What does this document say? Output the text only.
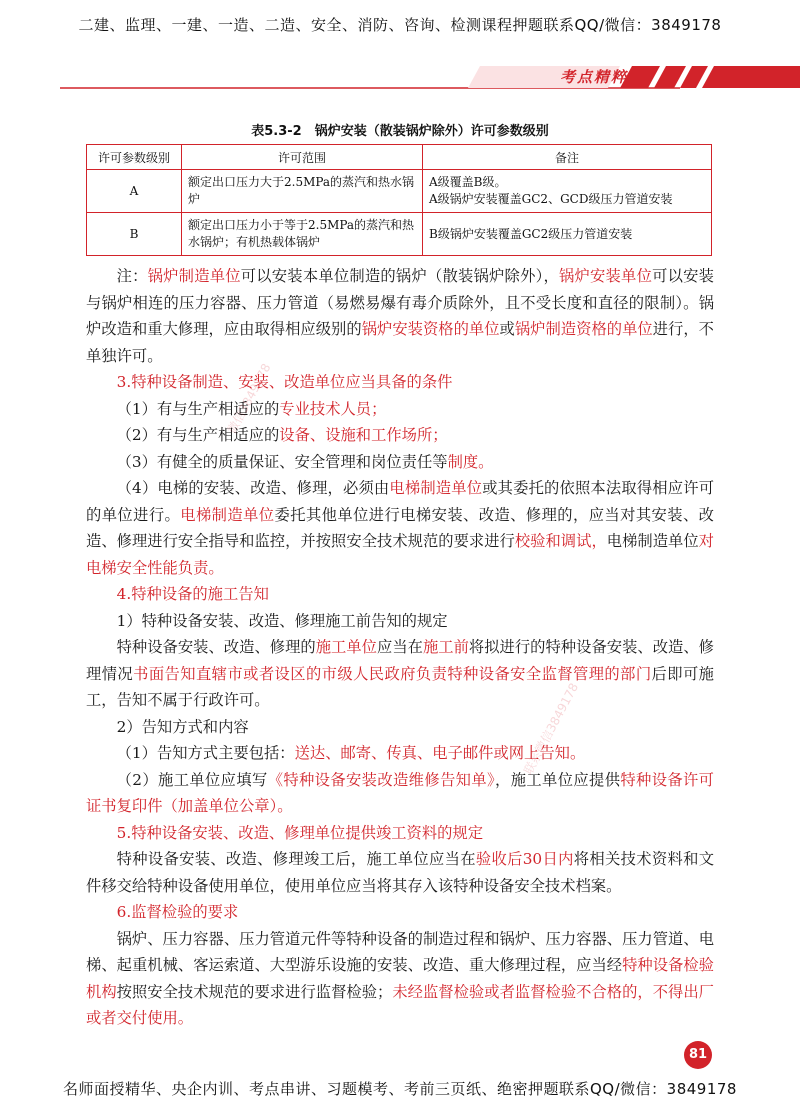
二建、监理、一建、一造、二造、安全、消防、咨询、检测课程押题联系QQ/微信：3849178
考点精粹
表5.3-2　锅炉安装（散装锅炉除外）许可参数级别
许可参数级别	许可范围	备注
A	额定出口压力大于2.5MPa的蒸汽和热水锅炉	A级覆盖B级。
A级锅炉安装覆盖GC2、GCD级压力管道安装

B	额定出口压力小于等于2.5MPa的蒸汽和热水锅炉；有机热载体锅炉	B级锅炉安装覆盖GC2级压力管道安装

注：锅炉制造单位可以安装本单位制造的锅炉（散装锅炉除外），锅炉安装单位可以安装与锅炉相连的压力容器、压力管道（易燃易爆有毒介质除外，且不受长度和直径的限制）。锅炉改造和重大修理，应由取得相应级别的锅炉安装资格的单位或锅炉制造资格的单位进行，不单独许可。

3.特种设备制造、安装、改造单位应当具备的条件

（1）有与生产相适应的专业技术人员；

（2）有与生产相适应的设备、设施和工作场所；

（3）有健全的质量保证、安全管理和岗位责任等制度。

（4）电梯的安装、改造、修理，必须由电梯制造单位或其委托的依照本法取得相应许可的单位进行。电梯制造单位委托其他单位进行电梯安装、改造、修理的，应当对其安装、改造、修理进行安全指导和监控，并按照安全技术规范的要求进行校验和调试，电梯制造单位对电梯安全性能负责。

4.特种设备的施工告知

1）特种设备安装、改造、修理施工前告知的规定

特种设备安装、改造、修理的施工单位应当在施工前将拟进行的特种设备安装、改造、修理情况书面告知直辖市或者设区的市级人民政府负责特种设备安全监督管理的部门后即可施工，告知不属于行政许可。

2）告知方式和内容

（1）告知方式主要包括：送达、邮寄、传真、电子邮件或网上告知。

（2）施工单位应填写《特种设备安装改造维修告知单》，施工单位应提供特种设备许可证书复印件（加盖单位公章）。

5.特种设备安装、改造、修理单位提供竣工资料的规定

特种设备安装、改造、修理竣工后，施工单位应当在验收后30日内将相关技术资料和文件移交给特种设备使用单位，使用单位应当将其存入该特种设备安全技术档案。

6.监督检验的要求

锅炉、压力容器、压力管道元件等特种设备的制造过程和锅炉、压力容器、压力管道、电梯、起重机械、客运索道、大型游乐设施的安装、改造、重大修理过程，应当经特种设备检验机构按照安全技术规范的要求进行监督检验；未经监督检验或者监督检验不合格的，不得出厂或者交付使用。

微信3849178
联系微信3849178
81
名师面授精华、央企内训、考点串讲、习题模考、考前三页纸、绝密押题联系QQ/微信：3849178
